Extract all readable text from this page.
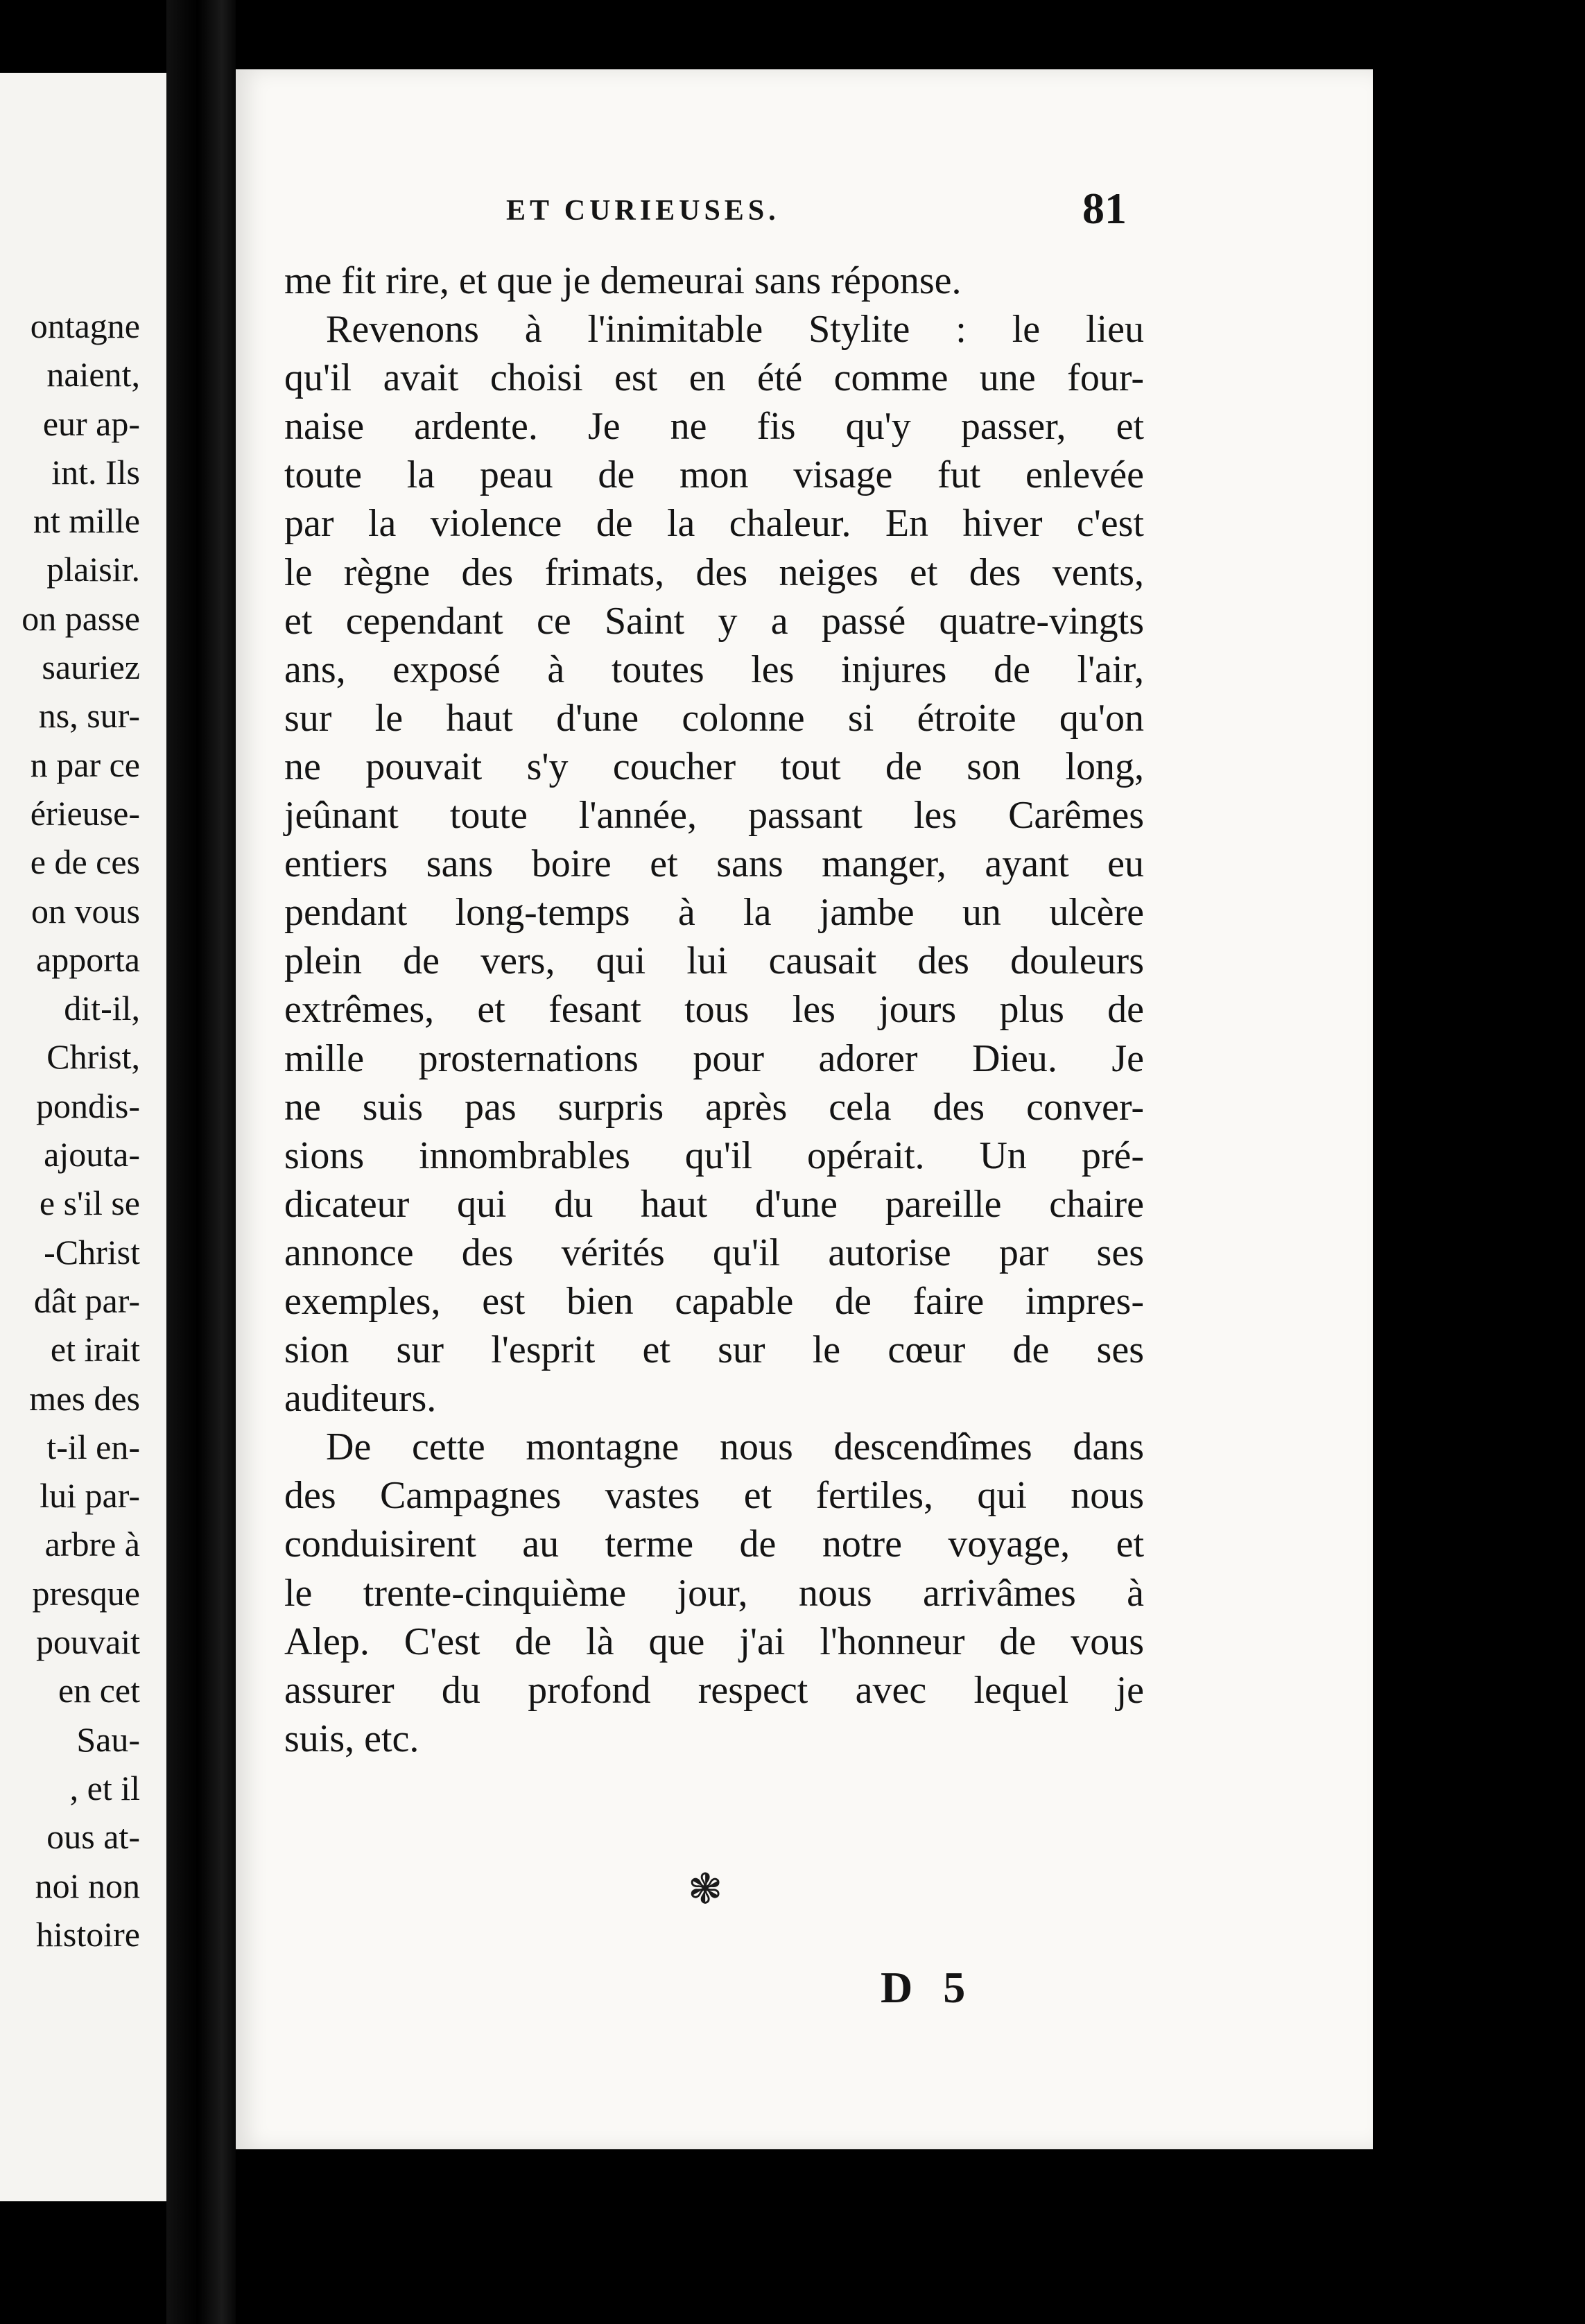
ontagne
naient,
eur ap-
int. Ils
nt mille
plaisir.
on passe
sauriez
ns, sur-
n par ce
érieuse-
e de ces
on vous
apporta
dit-il,
Christ,
pondis-
ajouta-
e s'il se
-Christ
dât par-
et irait
mes des
t-il en-
lui par-
arbre à
presque
pouvait
en cet
Sau-
, et il
ous at-
noi non
histoire
ET CURIEUSES.	81

me fit rire, et que je demeurai sans réponse.

Revenons à l'inimitable Stylite : le lieu
qu'il avait choisi est en été comme une four-
naise ardente. Je ne fis qu'y passer, et
toute la peau de mon visage fut enlevée
par la violence de la chaleur. En hiver c'est
le règne des frimats, des neiges et des vents,
et cependant ce Saint y a passé quatre-vingts
ans, exposé à toutes les injures de l'air,
sur le haut d'une colonne si étroite qu'on
ne pouvait s'y coucher tout de son long,
jeûnant toute l'année, passant les Carêmes
entiers sans boire et sans manger, ayant eu
pendant long-temps à la jambe un ulcère
plein de vers, qui lui causait des douleurs
extrêmes, et fesant tous les jours plus de
mille prosternations pour adorer Dieu. Je
ne suis pas surpris après cela des conver-
sions innombrables qu'il opérait. Un pré-
dicateur qui du haut d'une pareille chaire
annonce des vérités qu'il autorise par ses
exemples, est bien capable de faire impres-
sion sur l'esprit et sur le cœur de ses
auditeurs.

De cette montagne nous descendîmes dans
des Campagnes vastes et fertiles, qui nous
conduisirent au terme de notre voyage, et
le trente-cinquième jour, nous arrivâmes à
Alep. C'est de là que j'ai l'honneur de vous
assurer du profond respect avec lequel je
suis, etc.

❃
D 5
